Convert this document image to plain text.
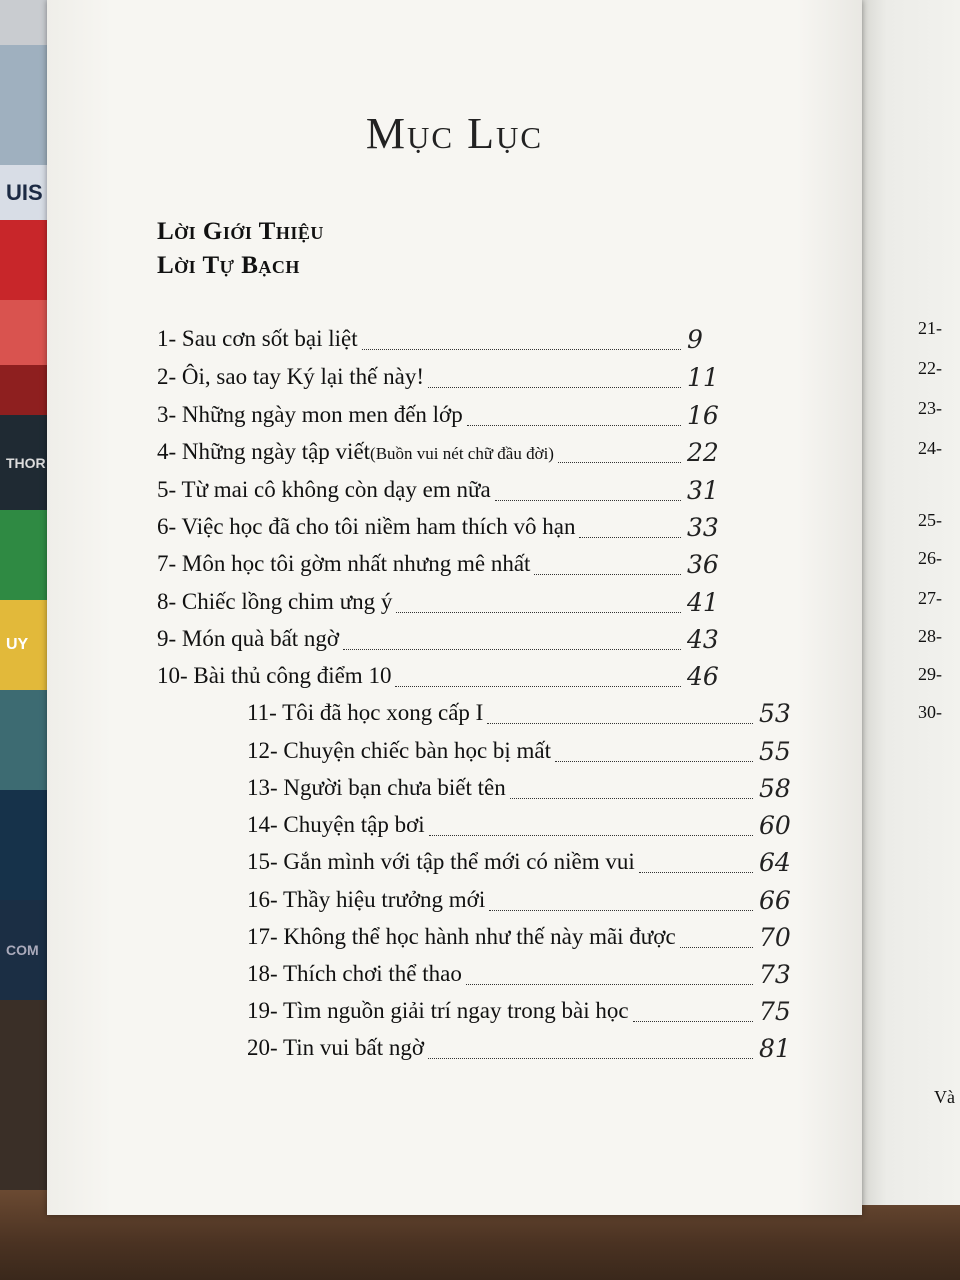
UIS
THOR
UY
COM
21-
22-
23-
24-
25-
26-
27-
28-
29-
30-
Và
Mục Lục
Lời Giới Thiệu
Lời Tự Bạch
1- Sau cơn sốt bại liệt	9
2- Ôi, sao tay Ký lại thế này!	11
3- Những ngày mon men đến lớp	16
4- Những ngày tập viết(Buồn vui nét chữ đầu đời)	22
5- Từ mai cô không còn dạy em nữa	31
6- Việc học đã cho tôi niềm ham thích vô hạn	33
7- Môn học tôi gờm nhất nhưng mê nhất	36
8- Chiếc lồng chim ưng ý	41
9- Món quà bất ngờ	43
10- Bài thủ công điểm 10	46
11- Tôi đã học xong cấp I	53
12- Chuyện chiếc bàn học bị mất	55
13- Người bạn chưa biết tên	58
14- Chuyện tập bơi	60
15- Gắn mình với tập thể mới có niềm vui	64
16- Thầy hiệu trưởng mới	66
17- Không thể học hành như thế này mãi được	70
18- Thích chơi thể thao	73
19- Tìm nguồn giải trí ngay trong bài học	75
20- Tin vui bất ngờ	81
